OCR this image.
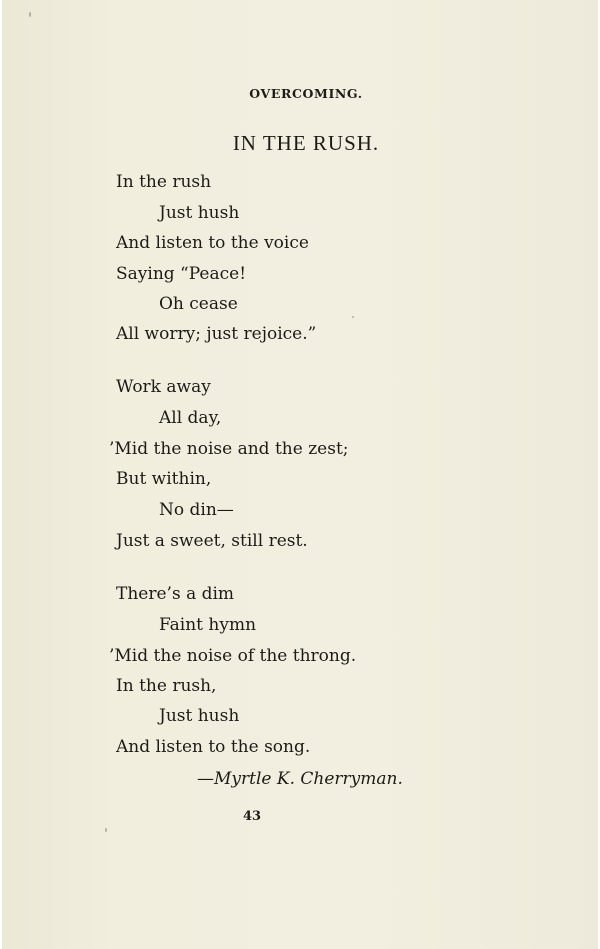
OVERCOMING.
IN THE RUSH.
In the rush
Just hush
And listen to the voice
Saying “Peace!
Oh cease
All worry; just rejoice.”
Work away
All day,
’Mid the noise and the zest;
But within,
No din—
Just a sweet, still rest.
There’s a dim
Faint hymn
’Mid the noise of the throng.
In the rush,
Just hush
And listen to the song.
—Myrtle K. Cherryman.
43
